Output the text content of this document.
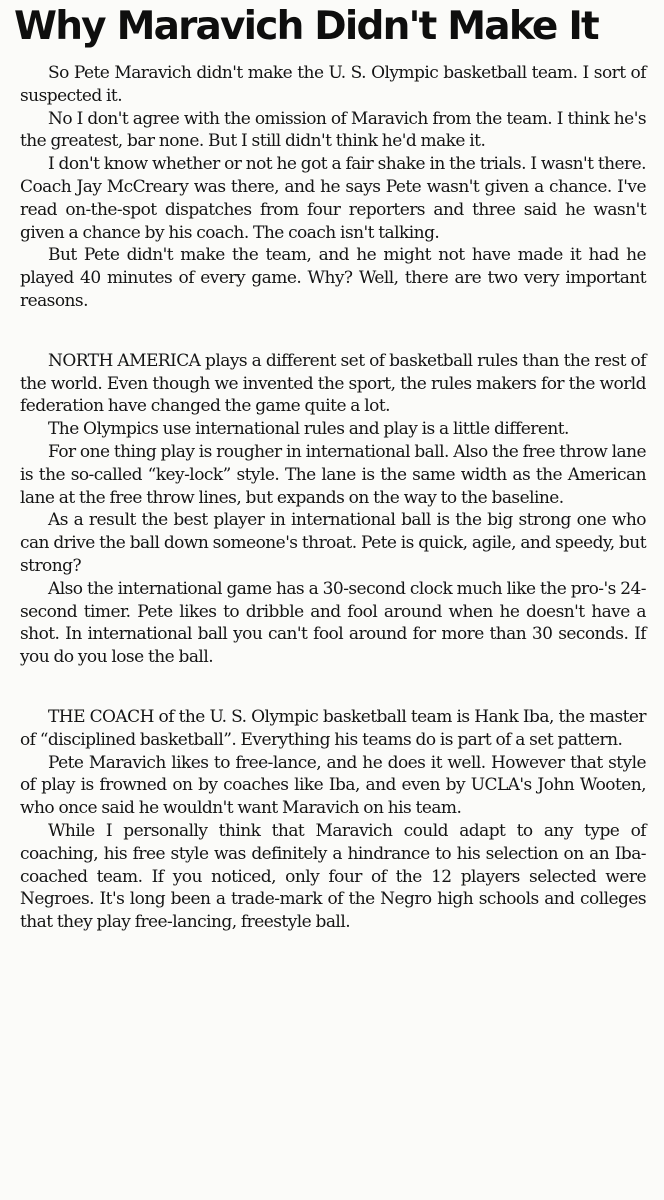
Why Maravich Didn't Make It

So Pete Maravich didn't make the U. S. Olympic basketball team. I sort of suspected it.

No I don't agree with the omission of Maravich from the team. I think he's the greatest, bar none. But I still didn't think he'd make it.

I don't know whether or not he got a fair shake in the trials. I wasn't there. Coach Jay McCreary was there, and he says Pete wasn't given a chance. I've read on-the-spot dispatches from four reporters and three said he wasn't given a chance by his coach. The coach isn't talking.

But Pete didn't make the team, and he might not have made it had he played 40 minutes of every game. Why? Well, there are two very important reasons.

NORTH AMERICA plays a different set of basketball rules than the rest of the world. Even though we invented the sport, the rules makers for the world federation have changed the game quite a lot.

The Olympics use international rules and play is a little different.

For one thing play is rougher in international ball. Also the free throw lane is the so-called “key-lock” style. The lane is the same width as the American lane at the free throw lines, but expands on the way to the baseline.

As a result the best player in international ball is the big strong one who can drive the ball down someone's throat. Pete is quick, agile, and speedy, but strong?

Also the international game has a 30-second clock much like the pro-'s 24-second timer. Pete likes to dribble and fool around when he doesn't have a shot. In international ball you can't fool around for more than 30 seconds. If you do you lose the ball.

THE COACH of the U. S. Olympic basketball team is Hank Iba, the master of “disciplined basketball”. Everything his teams do is part of a set pattern.

Pete Maravich likes to free-lance, and he does it well. However that style of play is frowned on by coaches like Iba, and even by UCLA's John Wooten, who once said he wouldn't want Maravich on his team.

While I personally think that Maravich could adapt to any type of coaching, his free style was definitely a hindrance to his selection on an Iba-coached team. If you noticed, only four of the 12 players selected were Negroes. It's long been a trade-mark of the Negro high schools and colleges that they play free-lancing, freestyle ball.
